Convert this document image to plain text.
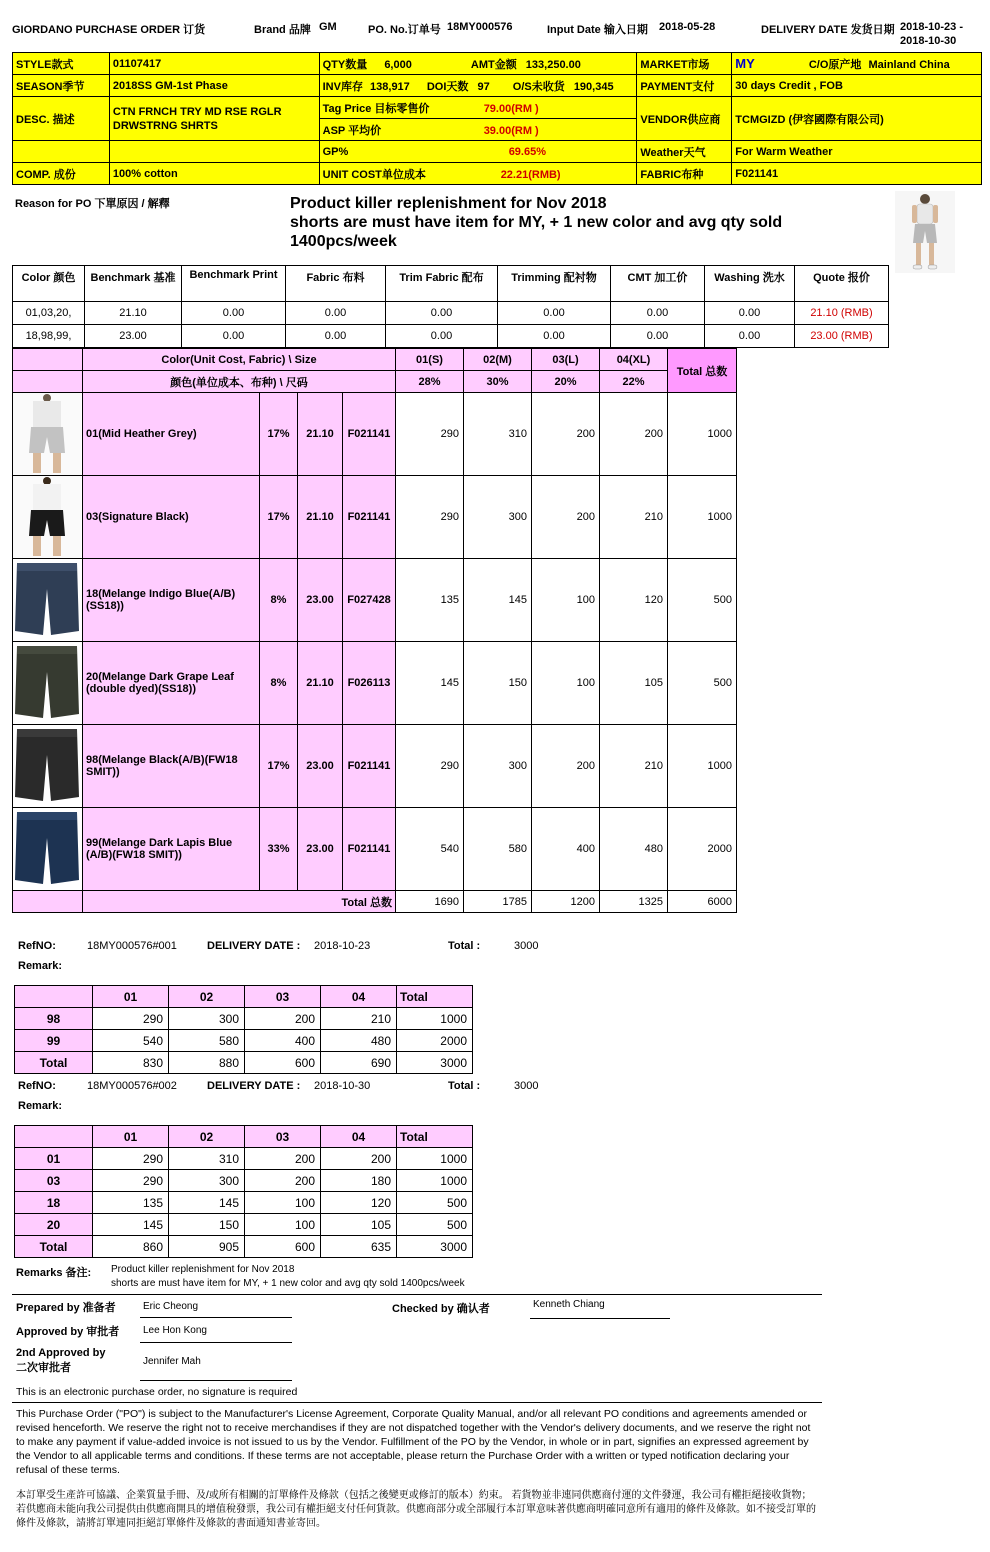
GIORDANO PURCHASE ORDER 订货	Brand 品牌 GM	PO. No.订单号 18MY000576	Input Date 输入日期 2018-05-28	DELIVERY DATE 发货日期 2018-10-23 -
2018-10-30
STYLE款式	01107417	QTY数量 6,000 AMT金额 133,250.00	MARKET市场	MY C/O原产地 Mainland China
SEASON季节	2018SS GM-1st Phase	INV库存 138,917 DOI天数 97 O/S未收货 190,345	PAYMENT支付	30 days Credit , FOB
DESC. 描述	CTN FRNCH TRY MD RSE RGLR DRWSTRNG SHRTS	Tag Price 目标零售价 79.00(RM )	VENDOR供应商	TCMGIZD (伊容國際有限公司)
		ASP 平均价 39.00(RM )		
		GP% 69.65%	Weather天气	For Warm Weather
COMP. 成份	100% cotton	UNIT COST单位成本 22.21(RMB)	FABRIC布种	F021141
Reason for PO 下單原因 / 解釋	Product killer replenishment for Nov 2018
shorts are must have item for MY, + 1 new color and avg qty sold
1400pcs/week
Color 颜色	Benchmark 基准	Benchmark Print	Fabric 布料	Trim Fabric 配布	Trimming 配衬物	CMT 加工价	Washing 洗水	Quote 报价
01,03,20,	21.10	0.00	0.00	0.00	0.00	0.00	0.00	21.10 (RMB)
18,98,99,	23.00	0.00	0.00	0.00	0.00	0.00	0.00	23.00 (RMB)
	Color(Unit Cost, Fabric) \ Size				01(S)	02(M)	03(L)	04(XL)	Total 总数
	颜色(单位成本、布种) \ 尺码				28%	30%	20%	22%	

	01(Mid Heather Grey)	17%	21.10	F021141	290	310	200	200	1000

	03(Signature Black)	17%	21.10	F021141	290	300	200	210	1000

	18(Melange Indigo Blue(A/B)(SS18))	8%	23.00	F027428	135	145	100	120	500

	20(Melange Dark Grape Leaf (double dyed)(SS18))	8%	21.10	F026113	145	150	100	105	500

	98(Melange Black(A/B)(FW18 SMIT))	17%	23.00	F021141	290	300	200	210	1000

	99(Melange Dark Lapis Blue (A/B)(FW18 SMIT))	33%	23.00	F021141	540	580	400	480	2000
	Total 总数				1690	1785	1200	1325	6000
RefNO:	18MY000576#001	DELIVERY DATE : 2018-10-23	Total :	3000
Remark:
	01	02	03	04	Total
98	290	300	200	210	1000
99	540	580	400	480	2000
Total	830	880	600	690	3000
RefNO:	18MY000576#002	DELIVERY DATE : 2018-10-30	Total :	3000
Remark:
	01	02	03	04	Total
01	290	310	200	200	1000
03	290	300	200	180	1000
18	135	145	100	120	500
20	145	150	100	105	500
Total	860	905	600	635	3000
Remarks 备注: Product killer replenishment for Nov 2018
shorts are must have item for MY, + 1 new color and avg qty sold 1400pcs/week
Prepared by 准备者	Eric Cheong	Checked by 确认者	Kenneth Chiang
Approved by 审批者 Lee Hon Kong
2nd Approved by
二次审批者
Jennifer Mah
This is an electronic purchase order, no signature is required
This Purchase Order ("PO") is subject to the Manufacturer's License Agreement, Corporate Quality Manual, and/or all relevant PO conditions and agreements amended or revised henceforth. We reserve the right not to receive merchandises if they are not dispatched together with the Vendor's delivery documents, and we reserve the right not to make any payment if value-added invoice is not issued to us by the Vendor. Fulfillment of the PO by the Vendor, in whole or in part, signifies an expressed agreement by the Vendor to all applicable terms and conditions. If these terms are not acceptable, please return the Purchase Order with a written or typed notification declaring your refusal of these terms.
本訂單受生產許可協議、企業質量手冊、及/或所有相關的訂單條件及條款（包括之後變更或修訂的版本）約束。 若貨物並非連同供應商付運的文件發運，我公司有權拒絕接收貨物；若供應商未能向我公司提供由供應商開具的增值稅發票，我公司有權拒絕支付任何貨款。供應商部分或全部履行本訂單意味著供應商明確同意所有適用的條件及條款。如不接受訂單的條件及條款，請將訂單連同拒絕訂單條件及條款的書面通知書並寄回。
